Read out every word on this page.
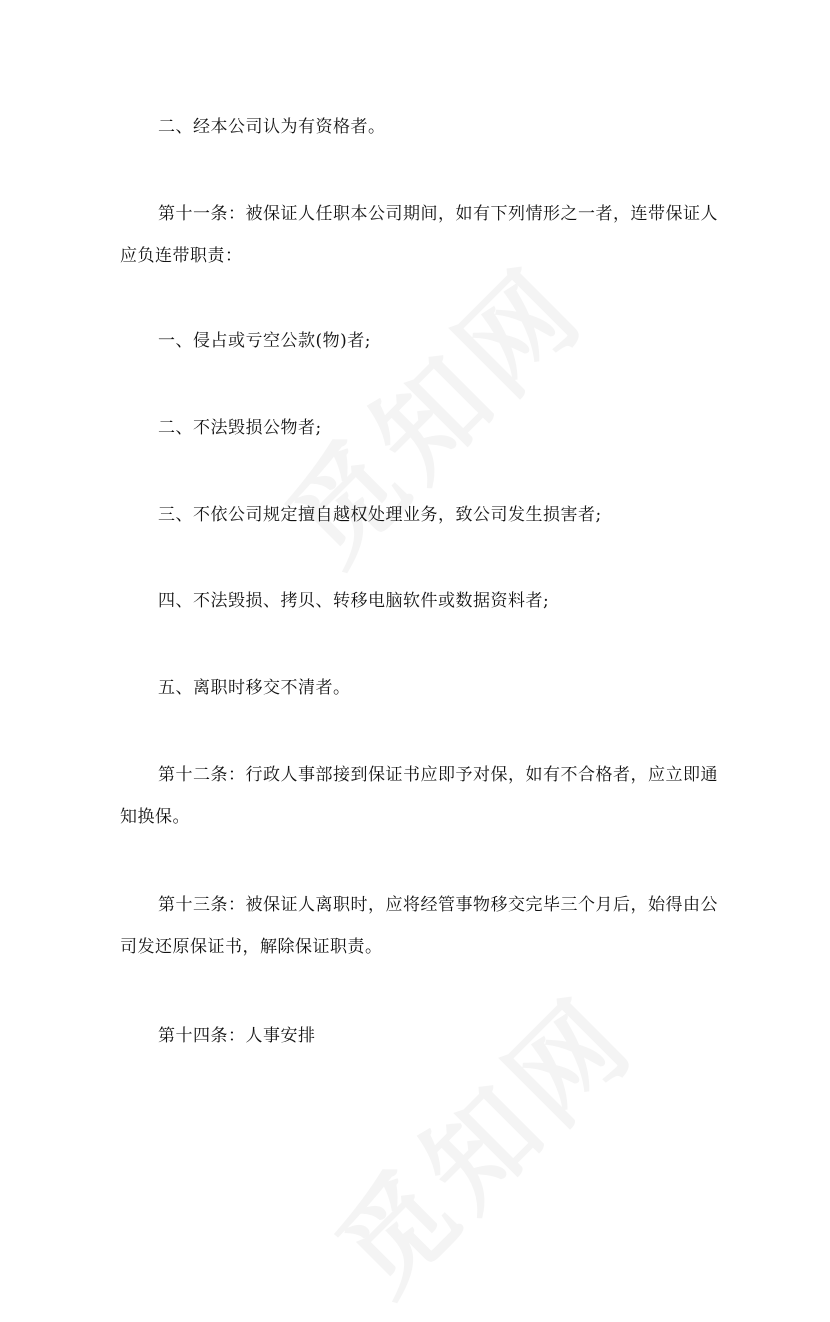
二、经本公司认为有资格者。

第十一条：被保证人任职本公司期间，如有下列情形之一者，连带保证人应负连带职责：

一、侵占或亏空公款(物)者;

二、不法毁损公物者;

三、不依公司规定擅自越权处理业务，致公司发生损害者;

四、不法毁损、拷贝、转移电脑软件或数据资料者;

五、离职时移交不清者。

第十二条：行政人事部接到保证书应即予对保，如有不合格者，应立即通知换保。

第十三条：被保证人离职时，应将经管事物移交完毕三个月后，始得由公司发还原保证书，解除保证职责。

第十四条：人事安排
